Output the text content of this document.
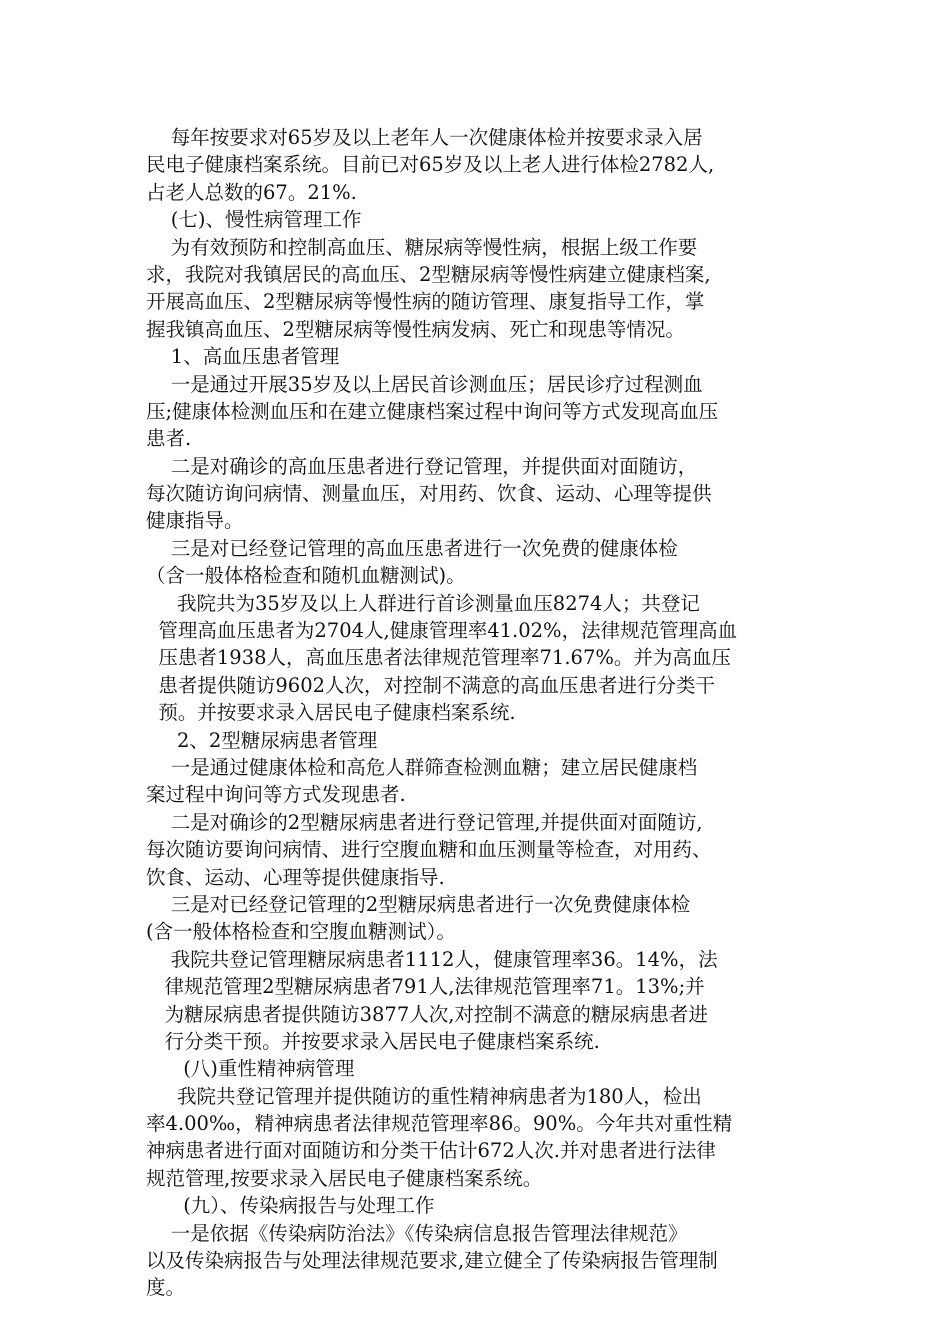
每年按要求对65岁及以上老年人一次健康体检并按要求录入居
民电子健康档案系统。目前已对65岁及以上老人进行体检2782人,
占老人总数的67。21%.
(七)、慢性病管理工作
为有效预防和控制高血压、糖尿病等慢性病，根据上级工作要
求，我院对我镇居民的高血压、2型糖尿病等慢性病建立健康档案,
开展高血压、2型糖尿病等慢性病的随访管理、康复指导工作，掌
握我镇高血压、2型糖尿病等慢性病发病、死亡和现患等情况。
1、高血压患者管理
一是通过开展35岁及以上居民首诊测血压；居民诊疗过程测血
压;健康体检测血压和在建立健康档案过程中询问等方式发现高血压
患者.
二是对确诊的高血压患者进行登记管理，并提供面对面随访，
每次随访询问病情、测量血压，对用药、饮食、运动、心理等提供
健康指导。
三是对已经登记管理的高血压患者进行一次免费的健康体检
（含一般体格检查和随机血糖测试)。
我院共为35岁及以上人群进行首诊测量血压8274人；共登记
管理高血压患者为2704人,健康管理率41.02%，法律规范管理高血
压患者1938人，高血压患者法律规范管理率71.67%。并为高血压
患者提供随访9602人次，对控制不满意的高血压患者进行分类干
预。并按要求录入居民电子健康档案系统.
2、2型糖尿病患者管理
一是通过健康体检和高危人群筛查检测血糖；建立居民健康档
案过程中询问等方式发现患者.
二是对确诊的2型糖尿病患者进行登记管理,并提供面对面随访,
每次随访要询问病情、进行空腹血糖和血压测量等检查，对用药、
饮食、运动、心理等提供健康指导.
三是对已经登记管理的2型糖尿病患者进行一次免费健康体检
(含一般体格检查和空腹血糖测试）。
我院共登记管理糖尿病患者1112人，健康管理率36。14%，法
律规范管理2型糖尿病患者791人,法律规范管理率71。13%;并
为糖尿病患者提供随访3877人次,对控制不满意的糖尿病患者进
行分类干预。并按要求录入居民电子健康档案系统.
(八)重性精神病管理
我院共登记管理并提供随访的重性精神病患者为180人，检出
率4.00‰，精神病患者法律规范管理率86。90%。今年共对重性精
神病患者进行面对面随访和分类干估计672人次.并对患者进行法律
规范管理,按要求录入居民电子健康档案系统。
(九）、传染病报告与处理工作
一是依据《传染病防治法》《传染病信息报告管理法律规范》
以及传染病报告与处理法律规范要求,建立健全了传染病报告管理制
度。
